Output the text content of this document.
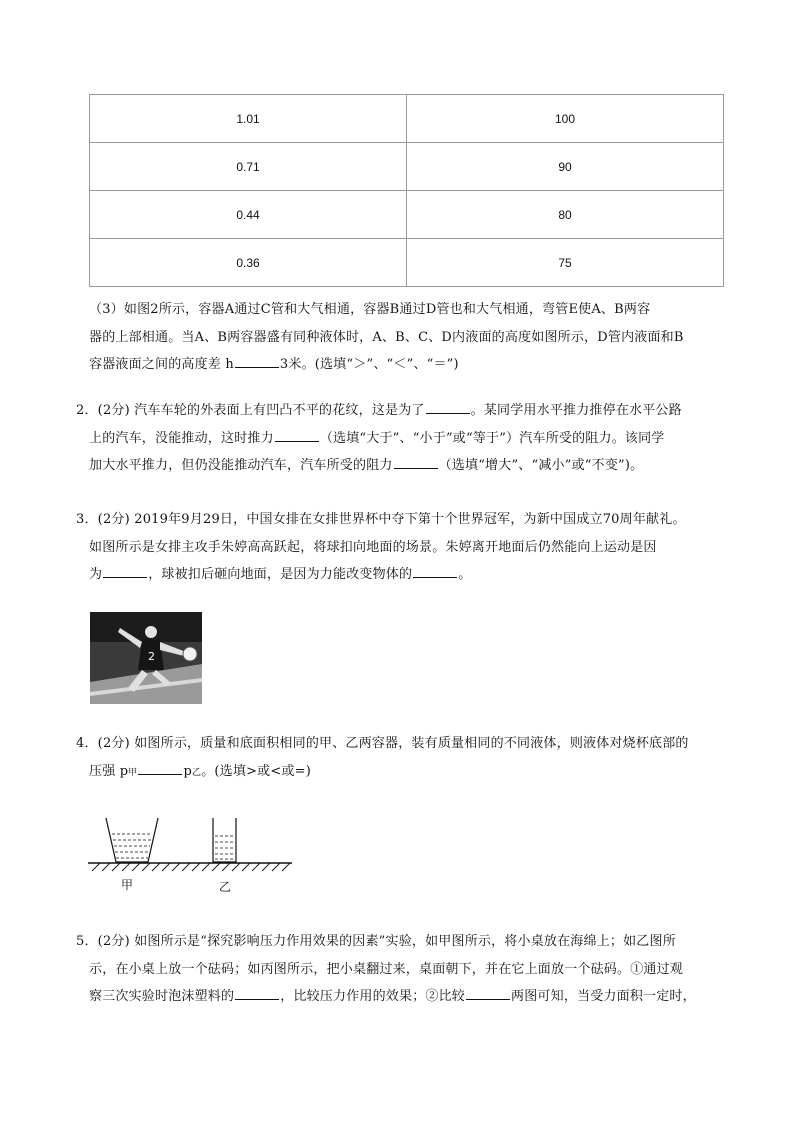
1.01	100
0.71	90
0.44	80
0.36	75
（3）如图2所示，容器A通过C管和大气相通，容器B通过D管也和大气相通，弯管E使A、B两容
器的上部相通。当A、B两容器盛有同种液体时，A、B、C、D内液面的高度如图所示，D管内液面和B
容器液面之间的高度差 h	3米。(选填“＞”、“＜”、“＝”)
2．(2分) 汽车车轮的外表面上有凹凸不平的花纹，这是为了	。某同学用水平推力推停在水平公路
上的汽车，没能推动，这时推力	（选填“大于”、“小于”或“等于”）汽车所受的阻力。该同学
加大水平推力，但仍没能推动汽车，汽车所受的阻力	（选填“增大”、“减小”或“不变”)。
3．(2分) 2019年9月29日，中国女排在女排世界杯中夺下第十个世界冠军，为新中国成立70周年献礼。
如图所示是女排主攻手朱婷高高跃起，将球扣向地面的场景。朱婷离开地面后仍然能向上运动是因
为	，球被扣后砸向地面，是因为力能改变物体的	。
2
4．(2分) 如图所示，质量和底面积相同的甲、乙两容器，装有质量相同的不同液体，则液体对烧杯底部的
压强 p甲	p乙。(选填>或<或=)
甲	乙
5．(2分) 如图所示是“探究影响压力作用效果的因素”实验，如甲图所示，将小桌放在海绵上；如乙图所
示，在小桌上放一个砝码；如丙图所示，把小桌翻过来，桌面朝下，并在它上面放一个砝码。①通过观
察三次实验时泡沫塑料的	，比较压力作用的效果；②比较	两图可知，当受力面积一定时，
